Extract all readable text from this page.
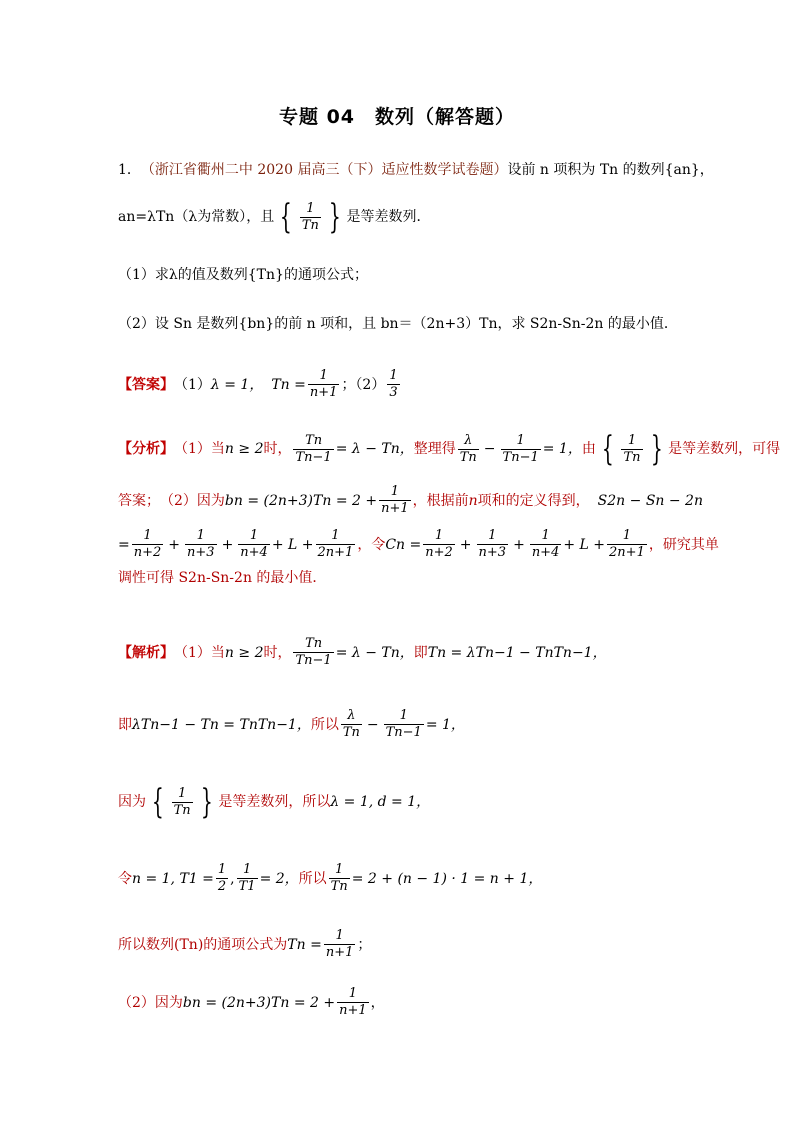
专题 04　数列（解答题）
1． （浙江省衢州二中 2020 届高三（下）适应性数学试卷题） 设前 n 项积为 Tn 的数列{an}，
an=λTn（λ为常数），且 { $\frac{1}{Tn}$ } 是等差数列．
（1）求λ的值及数列{Tn}的通项公式；
（2）设 Sn 是数列{bn}的前 n 项和，且 bn＝（2n+3）Tn，求 S2n-Sn-2n 的最小值．
【答案】 （1） λ = 1， $Tn = \frac{1}{n+1}$ ；$(2) \frac{1}{3}$
【分析】 （1）当 n ≥ 2 时， $\frac{Tn}{Tn-1} = \lambda - Tn$， 整理得 $\frac{\lambda}{Tn} - \frac{1}{Tn-1} = 1$， 由 { $\frac{1}{Tn}$ } 是等差数列，可得
答案；　（2）因为 bn = $(2n+3)Tn = 2 + \frac{1}{n+1}$ ，根据前 n 项和的定义得到， S2n − Sn − 2n
= $\frac{1}{n+2} + \frac{1}{n+3} + \frac{1}{n+4} + L + \frac{1}{2n+1}$ ，令 $Cn = \frac{1}{n+2} + \frac{1}{n+3} + \frac{1}{n+4} + L + \frac{1}{2n+1}$ ，研究其单
调性可得 S2n-Sn-2n 的最小值．
【解析】 （1）当 n ≥ 2 时， $\frac{Tn}{Tn-1} = \lambda - Tn$， 即 Tn = λTn−1 − TnTn−1，
即 λTn−1 − Tn = TnTn−1， 所以 $\frac{\lambda}{Tn} - \frac{1}{Tn-1} = 1$，
因为 { $\frac{1}{Tn}$ } 是等差数列，所以 λ = 1, d = 1，
令 n = 1, $T1 = \frac{1}{2}$ , $\frac{1}{T1} = 2$， 所以 $\frac{1}{Tn} = 2 + (n - 1) \cdot 1 = n + 1$，
所以数列(Tn)的通项公式为 $Tn = \frac{1}{n+1}$ ；
（2）因为 bn = $(2n+3)Tn = 2 + \frac{1}{n+1}$ ，
